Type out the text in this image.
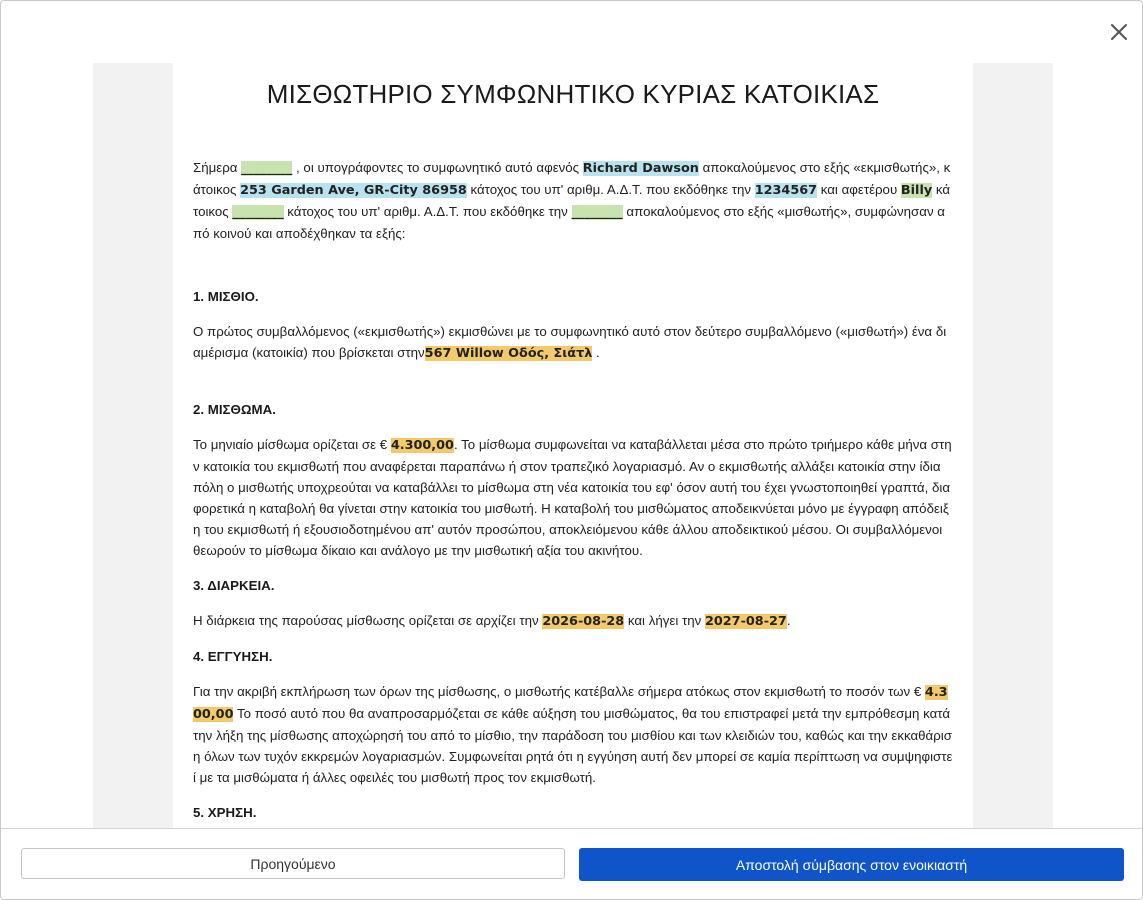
ΜΙΣΘΩΤΗΡΙΟ ΣΥΜΦΩΝΗΤΙΚΟ ΚΥΡΙΑΣ ΚΑΤΟΙΚΙΑΣ

Σήμερα ________ , οι υπογράφοντες το συμφωνητικό αυτό αφενός Richard Dawson αποκαλούμενος στο εξής «εκμισθωτής», κάτοικος 253 Garden Ave, GR-City 86958 κάτοχος του υπ' αριθμ. Α.Δ.Τ. που εκδόθηκε την 1234567 και αφετέρου Billy κάτοικος ________ κάτοχος του υπ' αριθμ. Α.Δ.Τ. που εκδόθηκε την ________ αποκαλούμενος στο εξής «μισθωτής», συμφώνησαν από κοινού και αποδέχθηκαν τα εξής:

1. ΜΙΣΘΙΟ.

Ο πρώτος συμβαλλόμενος («εκμισθωτής») εκμισθώνει με το συμφωνητικό αυτό στον δεύτερο συμβαλλόμενο («μισθωτή») ένα διαμέρισμα (κατοικία) που βρίσκεται στην567 Willow Οδός, Σιάτλ .

2. ΜΙΣΘΩΜΑ.

Το μηνιαίο μίσθωμα ορίζεται σε € 4.300,00. Το μίσθωμα συμφωνείται να καταβάλλεται μέσα στο πρώτο τριήμερο κάθε μήνα στην κατοικία του εκμισθωτή που αναφέρεται παραπάνω ή στον τραπεζικό λογαριασμό. Αν ο εκμισθωτής αλλάξει κατοικία στην ίδια πόλη ο μισθωτής υποχρεούται να καταβάλλει το μίσθωμα στη νέα κατοικία του εφ' όσον αυτή του έχει γνωστοποιηθεί γραπτά, διαφορετικά η καταβολή θα γίνεται στην κατοικία του μισθωτή. Η καταβολή του μισθώματος αποδεικνύεται μόνο με έγγραφη απόδειξη του εκμισθωτή ή εξουσιοδοτημένου απ' αυτόν προσώπου, αποκλειόμενου κάθε άλλου αποδεικτικού μέσου. Οι συμβαλλόμενοι θεωρούν το μίσθωμα δίκαιο και ανάλογο με την μισθωτική αξία του ακινήτου.

3. ΔΙΑΡΚΕΙΑ.

Η διάρκεια της παρούσας μίσθωσης ορίζεται σε αρχίζει την 2026-08-28 και λήγει την 2027-08-27.

4. ΕΓΓΥΗΣΗ.

Για την ακριβή εκπλήρωση των όρων της μίσθωσης, ο μισθωτής κατέβαλλε σήμερα ατόκως στον εκμισθωτή το ποσόν των € 4.300,00 Το ποσό αυτό που θα αναπροσαρμόζεται σε κάθε αύξηση του μισθώματος, θα του επιστραφεί μετά την εμπρόθεσμη κατά την λήξη της μίσθωσης αποχώρησή του από το μίσθιο, την παράδοση του μισθίου και των κλειδιών του, καθώς και την εκκαθάριση όλων των τυχόν εκκρεμών λογαριασμών. Συμφωνείται ρητά ότι η εγγύηση αυτή δεν μπορεί σε καμία περίπτωση να συμψηφιστεί με τα μισθώματα ή άλλες οφειλές του μισθωτή προς τον εκμισθωτή.

5. ΧΡΗΣΗ.
Προηγούμενο	Αποστολή σύμβασης στον ενοικιαστή
